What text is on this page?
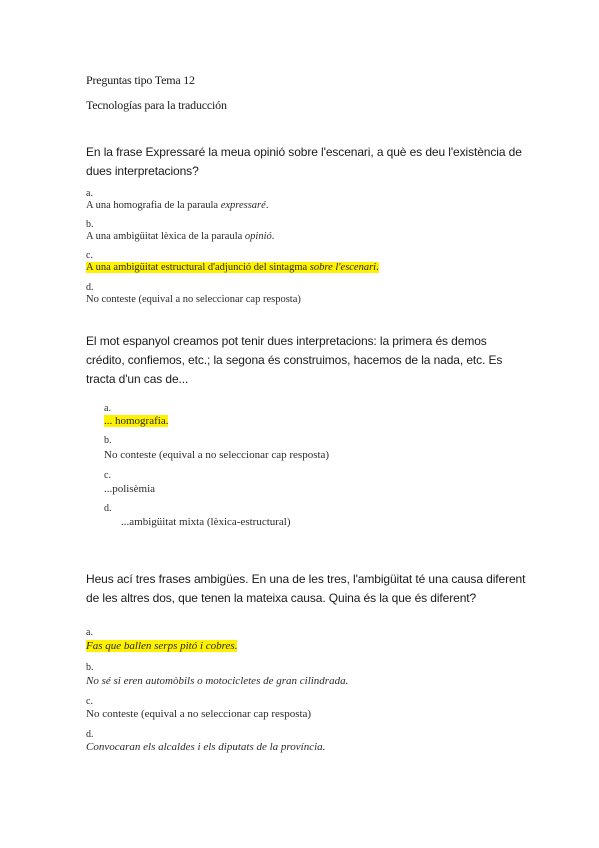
Preguntas tipo Tema 12
Tecnologías para la traducción
En la frase Expressaré la meua opinió sobre l'escenari, a què es deu l'existència de dues interpretacions?
a.
A una homografia de la paraula expressaré.
b.
A una ambigüitat lèxica de la paraula opinió.
c.
A una ambigüitat estructural d'adjunció del sintagma sobre l'escenari.
d.
No conteste (equival a no seleccionar cap resposta)
El mot espanyol creamos pot tenir dues interpretacions: la primera és demos crédito, confiemos, etc.; la segona és construimos, hacemos de la nada, etc. Es tracta d'un cas de...
a.
... homografia.
b.
No conteste (equival a no seleccionar cap resposta)
c.
...polisèmia
d.
...ambigüitat mixta (lèxica-estructural)
Heus ací tres frases ambigües. En una de les tres, l'ambigüitat té una causa diferent de les altres dos, que tenen la mateixa causa. Quina és la que és diferent?
a.
Fas que ballen serps pitó i cobres.
b.
No sé si eren automòbils o motocicletes de gran cilindrada.
c.
No conteste (equival a no seleccionar cap resposta)
d.
Convocaran els alcaldes i els diputats de la província.
